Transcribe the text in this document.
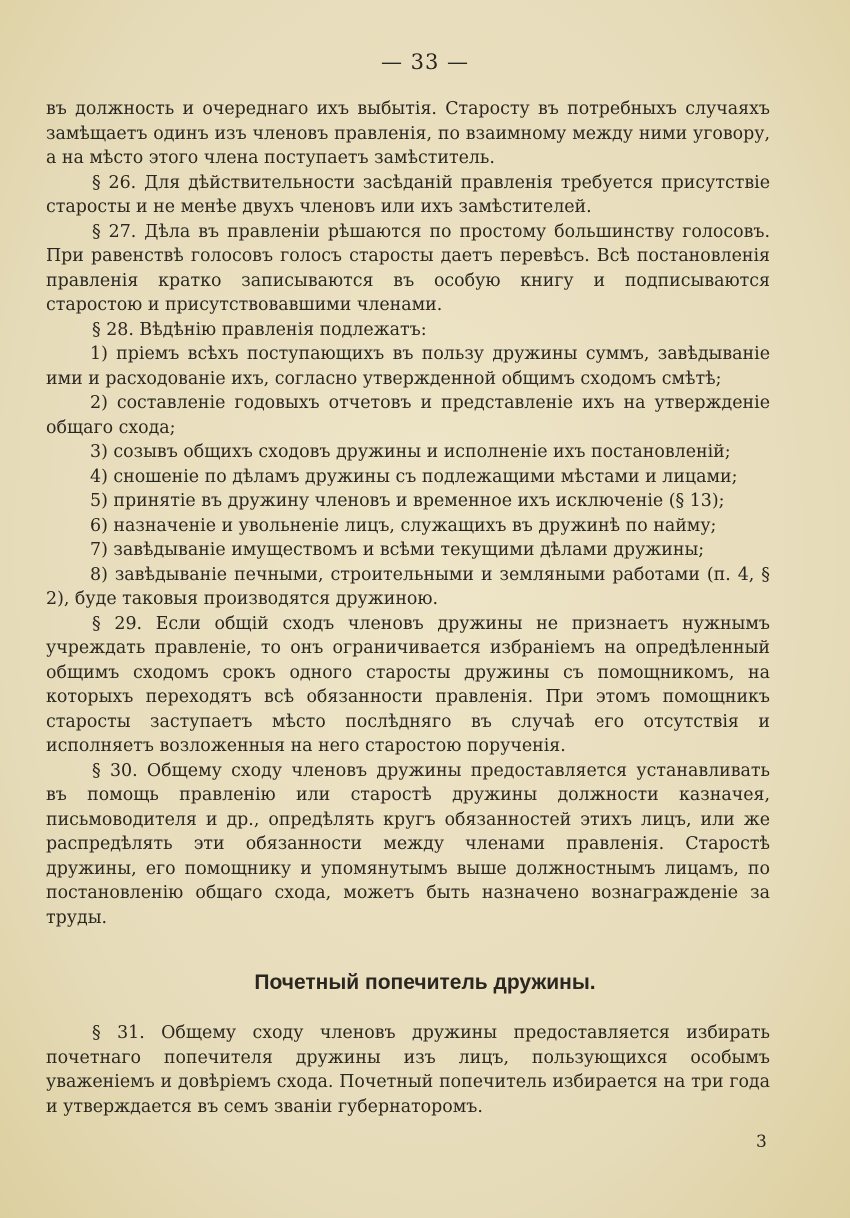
— 33 —

въ должность и очереднаго ихъ выбытія. Старосту въ потребныхъ случаяхъ замѣщаетъ одинъ изъ членовъ правленія, по взаимному между ними уговору, а на мѣсто этого члена поступаетъ замѣститель.

§ 26. Для дѣйствительности засѣданій правленія требуется присутствіе старосты и не менѣе двухъ членовъ или ихъ замѣстителей.

§ 27. Дѣла въ правленіи рѣшаются по простому большинству голосовъ. При равенствѣ голосовъ голосъ старосты даетъ перевѣсъ. Всѣ постановленія правленія кратко записываются въ особую книгу и подписываются старостою и присутствовавшими членами.

§ 28. Вѣдѣнію правленія подлежатъ:

1) пріемъ всѣхъ поступающихъ въ пользу дружины суммъ, завѣдываніе ими и расходованіе ихъ, согласно утвержденной общимъ сходомъ смѣтѣ;

2) составленіе годовыхъ отчетовъ и представленіе ихъ на утвержденіе общаго схода;

3) созывъ общихъ сходовъ дружины и исполненіе ихъ постановленій;

4) сношеніе по дѣламъ дружины съ подлежащими мѣстами и лицами;

5) принятіе въ дружину членовъ и временное ихъ исключеніе (§ 13);

6) назначеніе и увольненіе лицъ, служащихъ въ дружинѣ по найму;

7) завѣдываніе имуществомъ и всѣми текущими дѣлами дружины;

8) завѣдываніе печными, строительными и земляными работами (п. 4, § 2), буде таковыя производятся дружиною.

§ 29. Если общій сходъ членовъ дружины не признаетъ нужнымъ учреждать правленіе, то онъ ограничивается избраніемъ на опредѣленный общимъ сходомъ срокъ одного старосты дружины съ помощникомъ, на которыхъ переходятъ всѣ обязанности правленія. При этомъ помощникъ старосты заступаетъ мѣсто послѣдняго въ случаѣ его отсутствія и исполняетъ возложенныя на него старостою порученія.

§ 30. Общему сходу членовъ дружины предоставляется устанавливать въ помощь правленію или старостѣ дружины должности казначея, письмоводителя и др., опредѣлять кругъ обязанностей этихъ лицъ, или же распредѣлять эти обязанности между членами правленія. Старостѣ дружины, его помощнику и упомянутымъ выше должностнымъ лицамъ, по постановленію общаго схода, можетъ быть назначено вознагражденіе за труды.

Почетный попечитель дружины.

§ 31. Общему сходу членовъ дружины предоставляется избирать почетнаго попечителя дружины изъ лицъ, пользующихся особымъ уваженіемъ и довѣріемъ схода. Почетный попечитель избирается на три года и утверждается въ семъ званіи губернаторомъ.

3
